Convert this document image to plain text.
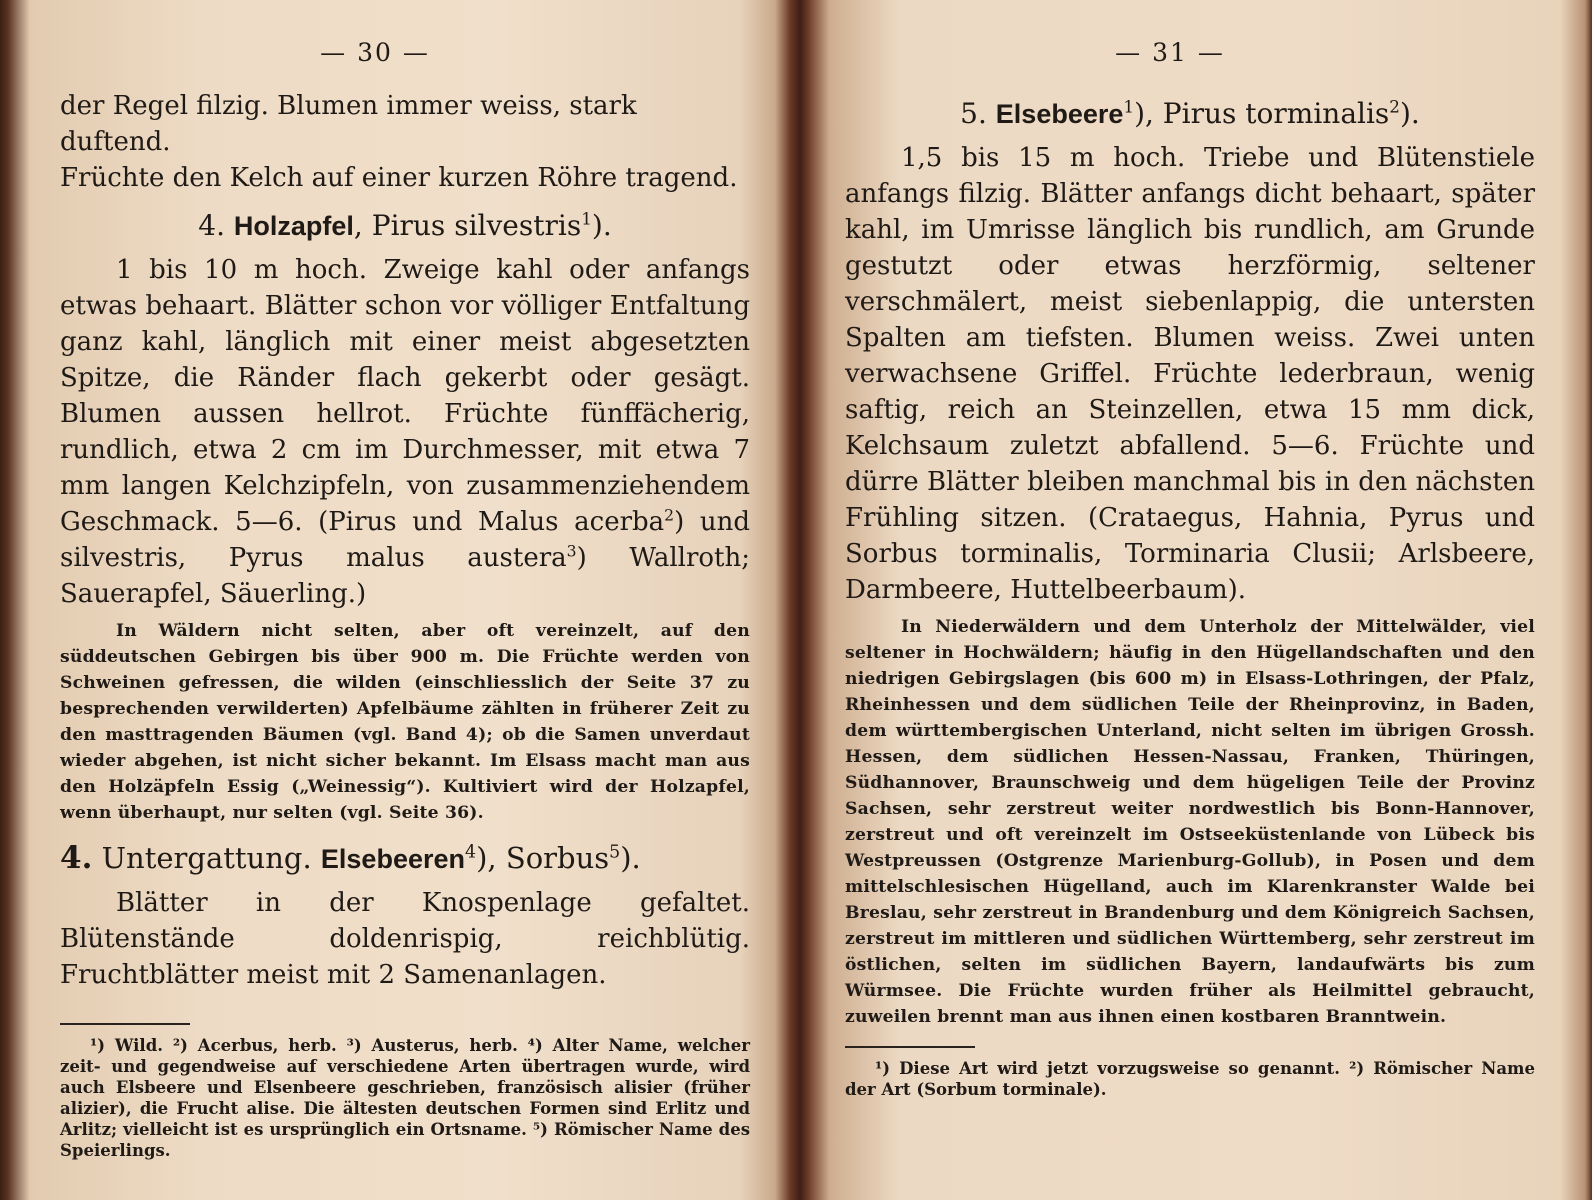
— 30 —

der Regel filzig. Blumen immer weiss, stark duftend.

Früchte den Kelch auf einer kurzen Röhre tragend.

4. Holzapfel, Pirus silvestris$^1$).

1 bis 10 m hoch. Zweige kahl oder anfangs etwas behaart. Blätter schon vor völliger Entfaltung ganz kahl, länglich mit einer meist abgesetzten Spitze, die Ränder flach gekerbt oder gesägt. Blumen aussen hellrot. Früchte fünffächerig, rundlich, etwa 2 cm im Durchmesser, mit etwa 7 mm langen Kelchzipfeln, von zusammenziehendem Geschmack. 5—6. (Pirus und Malus acerba$^2$) und silvestris, Pyrus malus austera$^3$) Wallroth; Sauerapfel, Säuerling.)

In Wäldern nicht selten, aber oft vereinzelt, auf den süddeutschen Gebirgen bis über 900 m. Die Früchte werden von Schweinen gefressen, die wilden (einschliesslich der Seite 37 zu besprechenden verwilderten) Apfelbäume zählten in früherer Zeit zu den masttragenden Bäumen (vgl. Band 4); ob die Samen unverdaut wieder abgehen, ist nicht sicher bekannt. Im Elsass macht man aus den Holzäpfeln Essig („Weinessig“). Kultiviert wird der Holzapfel, wenn überhaupt, nur selten (vgl. Seite 36).

4. Untergattung. Elsebeeren$^4$), Sorbus$^5$).

Blätter in der Knospenlage gefaltet. Blütenstände doldenrispig, reichblütig. Fruchtblätter meist mit 2 Samenanlagen.

¹) Wild. ²) Acerbus, herb. ³) Austerus, herb. ⁴) Alter Name, welcher zeit- und gegendweise auf verschiedene Arten übertragen wurde, wird auch Elsbeere und Elsenbeere geschrieben, französisch alisier (früher alizier), die Frucht alise. Die ältesten deutschen Formen sind Erlitz und Arlitz; vielleicht ist es ursprünglich ein Ortsname. ⁵) Römischer Name des Speierlings.

— 31 —
5. Elsebeere$^1$), Pirus torminalis$^2$).

1,5 bis 15 m hoch. Triebe und Blütenstiele anfangs filzig. Blätter anfangs dicht behaart, später kahl, im Umrisse länglich bis rundlich, am Grunde gestutzt oder etwas herzförmig, seltener verschmälert, meist siebenlappig, die untersten Spalten am tiefsten. Blumen weiss. Zwei unten verwachsene Griffel. Früchte lederbraun, wenig saftig, reich an Steinzellen, etwa 15 mm dick, Kelchsaum zuletzt abfallend. 5—6. Früchte und dürre Blätter bleiben manchmal bis in den nächsten Frühling sitzen. (Crataegus, Hahnia, Pyrus und Sorbus torminalis, Torminaria Clusii; Arlsbeere, Darmbeere, Huttelbeerbaum).

In Niederwäldern und dem Unterholz der Mittelwälder, viel seltener in Hochwäldern; häufig in den Hügellandschaften und den niedrigen Gebirgslagen (bis 600 m) in Elsass-Lothringen, der Pfalz, Rheinhessen und dem südlichen Teile der Rheinprovinz, in Baden, dem württembergischen Unterland, nicht selten im übrigen Grossh. Hessen, dem südlichen Hessen-Nassau, Franken, Thüringen, Südhannover, Braunschweig und dem hügeligen Teile der Provinz Sachsen, sehr zerstreut weiter nordwestlich bis Bonn-Hannover, zerstreut und oft vereinzelt im Ostseeküstenlande von Lübeck bis Westpreussen (Ostgrenze Marienburg-Gollub), in Posen und dem mittelschlesischen Hügelland, auch im Klarenkranster Walde bei Breslau, sehr zerstreut in Brandenburg und dem Königreich Sachsen, zerstreut im mittleren und südlichen Württemberg, sehr zerstreut im östlichen, selten im südlichen Bayern, landaufwärts bis zum Würmsee. Die Früchte wurden früher als Heilmittel gebraucht, zuweilen brennt man aus ihnen einen kostbaren Branntwein.

¹) Diese Art wird jetzt vorzugsweise so genannt. ²) Römischer Name der Art (Sorbum torminale).
